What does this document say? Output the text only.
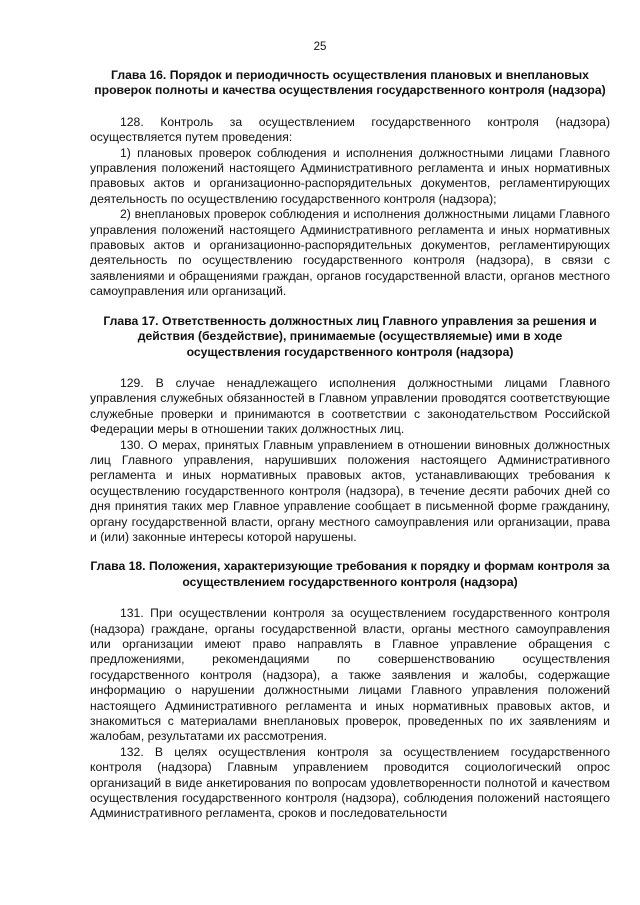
25

Глава 16. Порядок и периодичность осуществления плановых и внеплановых проверок полноты и качества осуществления государственного контроля (надзора)

128. Контроль за осуществлением государственного контроля (надзора) осуществляется путем проведения:

1) плановых проверок соблюдения и исполнения должностными лицами Главного управления положений настоящего Административного регламента и иных нормативных правовых актов и организационно-распорядительных документов, регламентирующих деятельность по осуществлению государственного контроля (надзора);

2) внеплановых проверок соблюдения и исполнения должностными лицами Главного управления положений настоящего Административного регламента и иных нормативных правовых актов и организационно-распорядительных документов, регламентирующих деятельность по осуществлению государственного контроля (надзора), в связи с заявлениями и обращениями граждан, органов государственной власти, органов местного самоуправления или организаций.

Глава 17. Ответственность должностных лиц Главного управления за решения и действия (бездействие), принимаемые (осуществляемые) ими в ходе осуществления государственного контроля (надзора)

129. В случае ненадлежащего исполнения должностными лицами Главного управления служебных обязанностей в Главном управлении проводятся соответствующие служебные проверки и принимаются в соответствии с законодательством Российской Федерации меры в отношении таких должностных лиц.

130. О мерах, принятых Главным управлением в отношении виновных должностных лиц Главного управления, нарушивших положения настоящего Административного регламента и иных нормативных правовых актов, устанавливающих требования к осуществлению государственного контроля (надзора), в течение десяти рабочих дней со дня принятия таких мер Главное управление сообщает в письменной форме гражданину, органу государственной власти, органу местного самоуправления или организации, права и (или) законные интересы которой нарушены.

Глава 18. Положения, характеризующие требования к порядку и формам контроля за осуществлением государственного контроля (надзора)

131. При осуществлении контроля за осуществлением государственного контроля (надзора) граждане, органы государственной власти, органы местного самоуправления или организации имеют право направлять в Главное управление обращения с предложениями, рекомендациями по совершенствованию осуществления государственного контроля (надзора), а также заявления и жалобы, содержащие информацию о нарушении должностными лицами Главного управления положений настоящего Административного регламента и иных нормативных правовых актов, и знакомиться с материалами внеплановых проверок, проведенных по их заявлениям и жалобам, результатами их рассмотрения.

132. В целях осуществления контроля за осуществлением государственного контроля (надзора) Главным управлением проводится социологический опрос организаций в виде анкетирования по вопросам удовлетворенности полнотой и качеством осуществления государственного контроля (надзора), соблюдения положений настоящего Административного регламента, сроков и последовательности
